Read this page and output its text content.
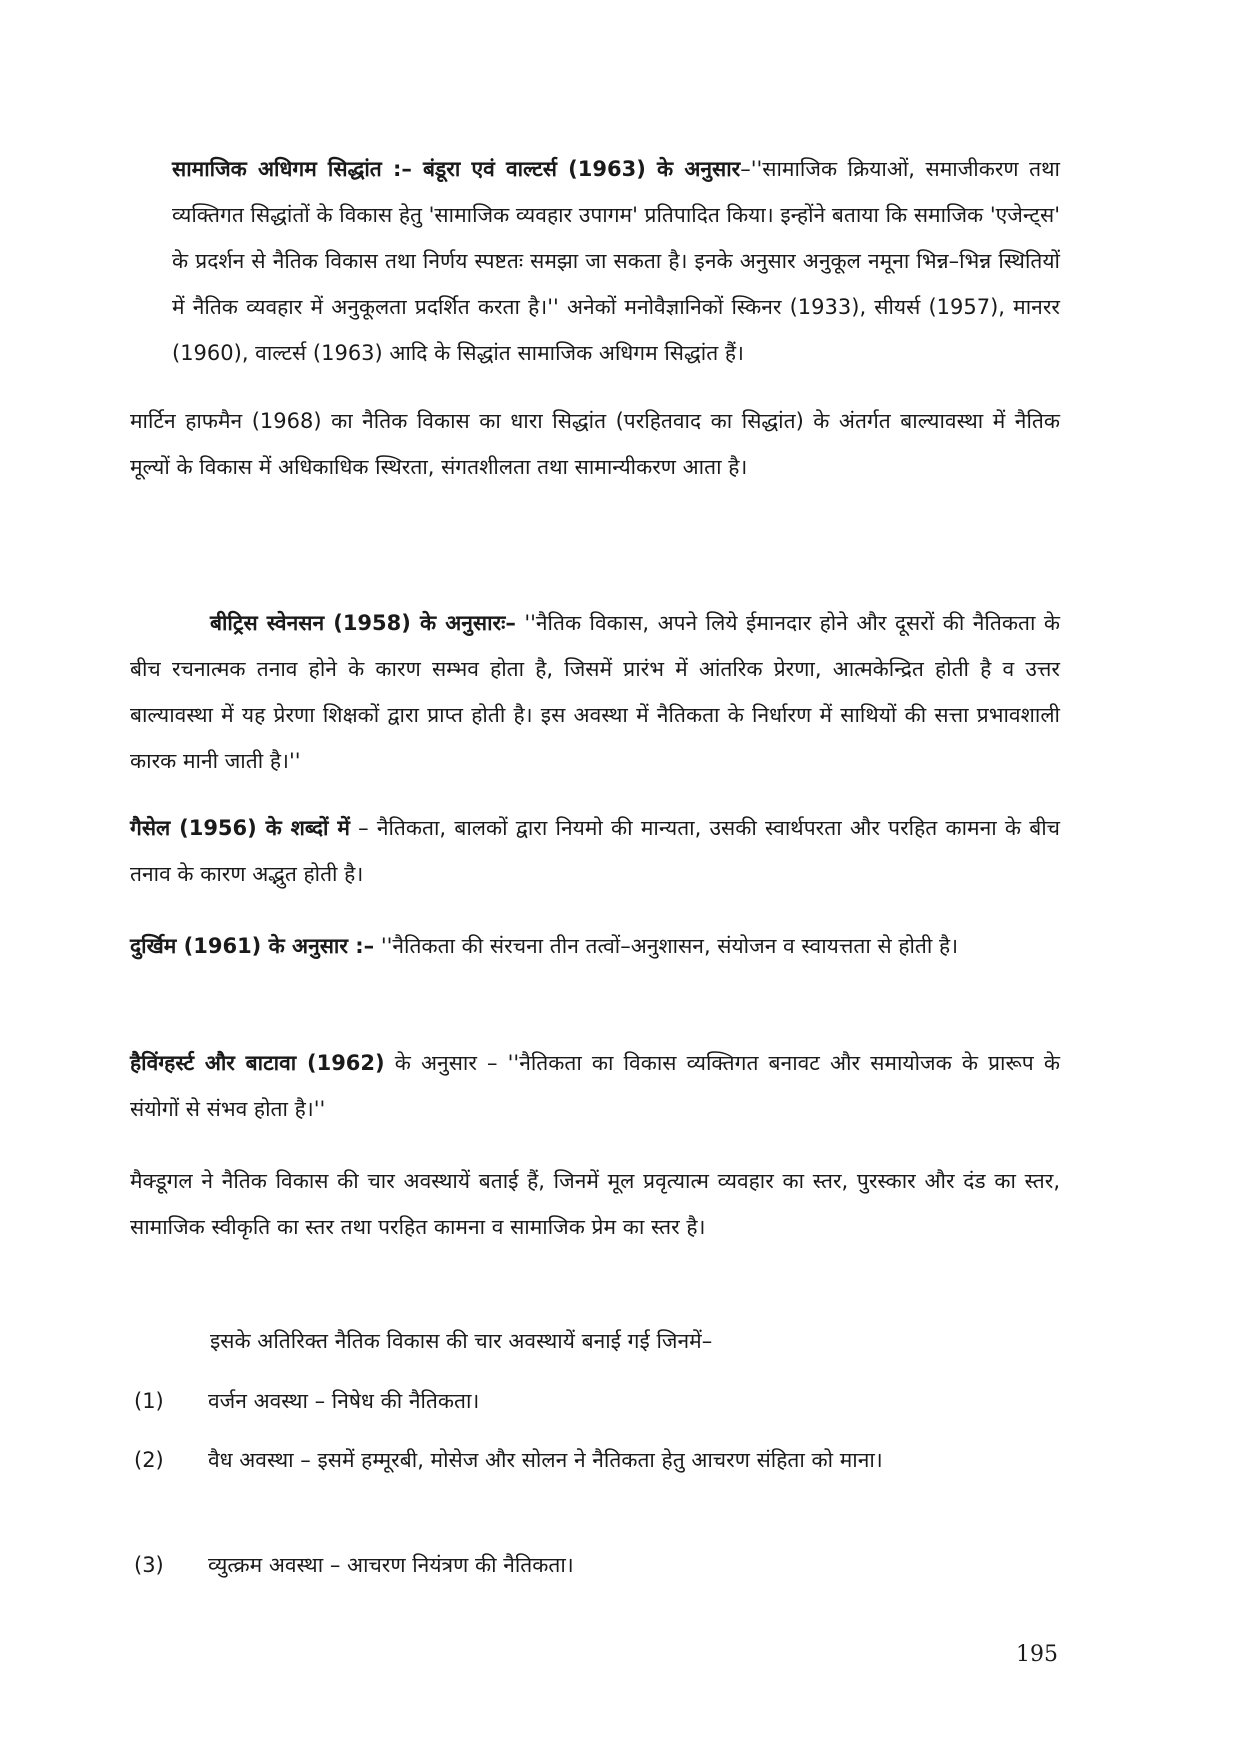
सामाजिक अधिगम सिद्धांत :– बंडूरा एवं वाल्टर्स (1963) के अनुसार–''सामाजिक क्रियाओं, समाजीकरण तथा व्यक्तिगत सिद्धांतों के विकास हेतु 'सामाजिक व्यवहार उपागम' प्रतिपादित किया। इन्होंने बताया कि समाजिक 'एजेन्ट्स' के प्रदर्शन से नैतिक विकास तथा निर्णय स्पष्टतः समझा जा सकता है। इनके अनुसार अनुकूल नमूना भिन्न–भिन्न स्थितियों में नैतिक व्यवहार में अनुकूलता प्रदर्शित करता है।'' अनेकों मनोवैज्ञानिकों स्किनर (1933), सीयर्स (1957), मानरर (1960), वाल्टर्स (1963) आदि के सिद्धांत सामाजिक अधिगम सिद्धांत हैं।
मार्टिन हाफमैन (1968) का नैतिक विकास का धारा सिद्धांत (परहितवाद का सिद्धांत) के अंतर्गत बाल्यावस्था में नैतिक मूल्यों के विकास में अधिकाधिक स्थिरता, संगतशीलता तथा सामान्यीकरण आता है।
बीट्रिस स्वेनसन (1958) के अनुसारः– ''नैतिक विकास, अपने लिये ईमानदार होने और दूसरों की नैतिकता के बीच रचनात्मक तनाव होने के कारण सम्भव होता है, जिसमें प्रारंभ में आंतरिक प्रेरणा, आत्मकेन्द्रित होती है व उत्तर बाल्यावस्था में यह प्रेरणा शिक्षकों द्वारा प्राप्त होती है। इस अवस्था में नैतिकता के निर्धारण में साथियों की सत्ता प्रभावशाली कारक मानी जाती है।''
गैसेल (1956) के शब्दों में – नैतिकता, बालकों द्वारा नियमो की मान्यता, उसकी स्वार्थपरता और परहित कामना के बीच तनाव के कारण अद्भुत होती है।
दुर्खिम (1961) के अनुसार :– ''नैतिकता की संरचना तीन तत्वों–अनुशासन, संयोजन व स्वायत्तता से होती है।
हैविंग्हर्स्ट और बाटावा (1962) के अनुसार – ''नैतिकता का विकास व्यक्तिगत बनावट और समायोजक के प्रारूप के संयोगों से संभव होता है।''
मैक्डूगल ने नैतिक विकास की चार अवस्थायें बताई हैं, जिनमें मूल प्रवृत्यात्म व्यवहार का स्तर, पुरस्कार और दंड का स्तर, सामाजिक स्वीकृति का स्तर तथा परहित कामना व सामाजिक प्रेम का स्तर है।
इसके अतिरिक्त नैतिक विकास की चार अवस्थायें बनाई गई जिनमें–
(1) वर्जन अवस्था – निषेध की नैतिकता।
(2) वैध अवस्था – इसमें हम्मूरबी, मोसेज और सोलन ने नैतिकता हेतु आचरण संहिता को माना।
(3) व्युत्क्रम अवस्था – आचरण नियंत्रण की नैतिकता।
195
